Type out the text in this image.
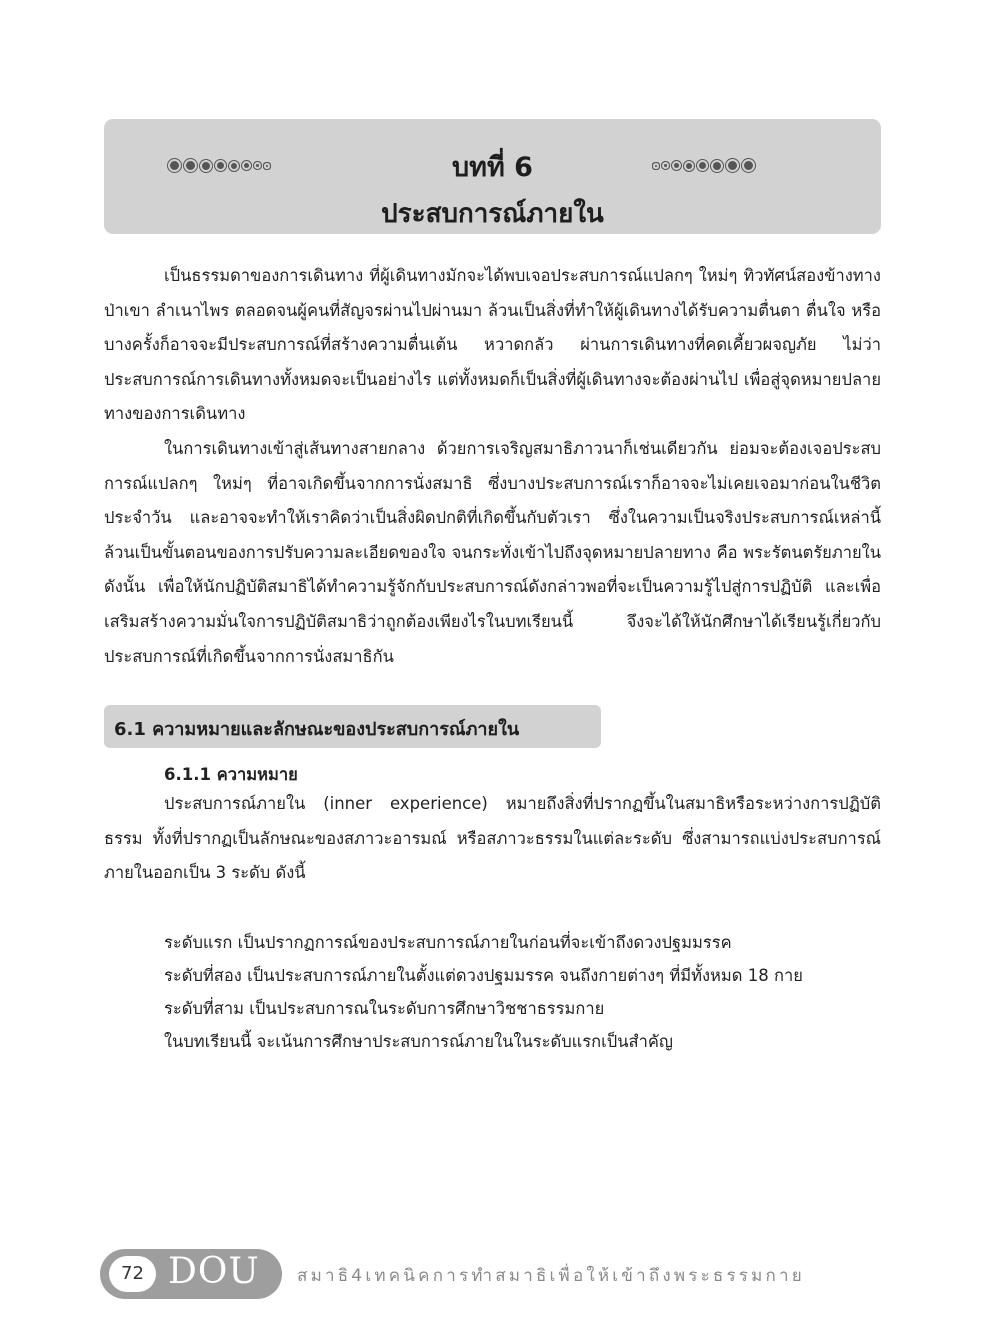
บทที่ 6
ประสบการณ์ภายใน

เป็นธรรมดาของการเดินทาง ที่ผู้เดินทางมักจะได้พบเจอประสบการณ์แปลกๆ ใหม่ๆ ทิวทัศน์สองข้างทาง ป่าเขา ลำเนาไพร ตลอดจนผู้คนที่สัญจรผ่านไปผ่านมา ล้วนเป็นสิ่งที่ทำให้ผู้เดินทางได้รับความตื่นตา ตื่นใจ หรือบางครั้งก็อาจจะมีประสบการณ์ที่สร้างความตื่นเต้น หวาดกลัว ผ่านการเดินทางที่คดเคี้ยวผจญภัย ไม่ว่าประสบการณ์การเดินทางทั้งหมดจะเป็นอย่างไร แต่ทั้งหมดก็เป็นสิ่งที่ผู้เดินทางจะต้องผ่านไป เพื่อสู่จุดหมายปลายทางของการเดินทาง

ในการเดินทางเข้าสู่เส้นทางสายกลาง ด้วยการเจริญสมาธิภาวนาก็เช่นเดียวกัน ย่อมจะต้องเจอประสบการณ์แปลกๆ ใหม่ๆ ที่อาจเกิดขึ้นจากการนั่งสมาธิ ซึ่งบางประสบการณ์เราก็อาจจะไม่เคยเจอมาก่อนในชีวิตประจำวัน และอาจจะทำให้เราคิดว่าเป็นสิ่งผิดปกติที่เกิดขึ้นกับตัวเรา ซึ่งในความเป็นจริงประสบการณ์เหล่านี้ล้วนเป็นขั้นตอนของการปรับความละเอียดของใจ จนกระทั่งเข้าไปถึงจุดหมายปลายทาง คือ พระรัตนตรัยภายใน ดังนั้น เพื่อให้นักปฏิบัติสมาธิได้ทำความรู้จักกับประสบการณ์ดังกล่าวพอที่จะเป็นความรู้ไปสู่การปฏิบัติ และเพื่อเสริมสร้างความมั่นใจการปฏิบัติสมาธิว่าถูกต้องเพียงไรในบทเรียนนี้ จึงจะได้ให้นักศึกษาได้เรียนรู้เกี่ยวกับประสบการณ์ที่เกิดขึ้นจากการนั่งสมาธิกัน

6.1 ความหมายและลักษณะของประสบการณ์ภายใน
6.1.1 ความหมาย

ประสบการณ์ภายใน (inner experience) หมายถึงสิ่งที่ปรากฏขึ้นในสมาธิหรือระหว่างการปฏิบัติธรรม ทั้งที่ปรากฏเป็นลักษณะของสภาวะอารมณ์ หรือสภาวะธรรมในแต่ละระดับ ซึ่งสามารถแบ่งประสบการณ์ภายในออกเป็น 3 ระดับ ดังนี้

ระดับแรก เป็นปรากฏการณ์ของประสบการณ์ภายในก่อนที่จะเข้าถึงดวงปฐมมรรค
ระดับที่สอง เป็นประสบการณ์ภายในตั้งแต่ดวงปฐมมรรค จนถึงกายต่างๆ ที่มีทั้งหมด 18 กาย
ระดับที่สาม เป็นประสบการณในระดับการศึกษาวิชชาธรรมกาย
ในบทเรียนนี้ จะเน้นการศึกษาประสบการณ์ภายในในระดับแรกเป็นสำคัญ
72 DOU สมาธิ4เทคนิคการทำสมาธิเพื่อให้เข้าถึงพระธรรมกาย
